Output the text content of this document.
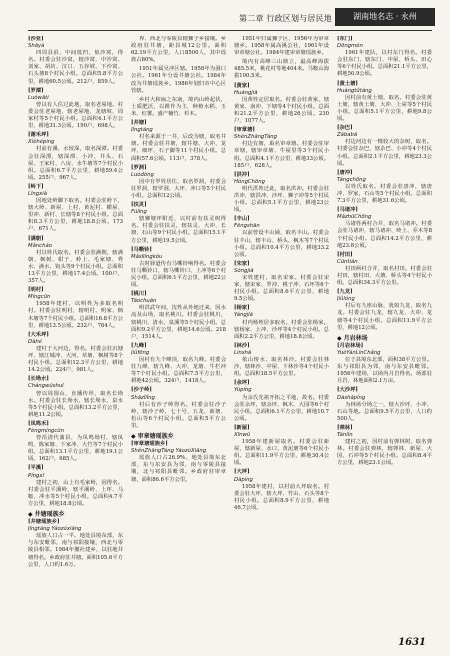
第二章 行政区划与居民地	湖南地名志 · 永州
[沙亚]
Shāyà
四周县沿，中间低凹，似沙窝，得名。村委会驻沙窝，辖沙窝、中沙窝、刘家、胡坊、汉口、五谷坡、下沙窝、石头塘8个村民小组。总面积5.8平方公里，耕地60.5公顷。212户，859人。
[罗潭]
Luówāti
曾以有人住过此地，取名老屋地。村委会驻老屋地，辖老屋地、龙塘坡、周家村等5个村民小组。总面积4.1平方公里，耕地31.3公顷。190户，698人。
[谢禾坪]
Xièhéping
村前有溪，水较深，取名深潭。村委会驻深潭，辖深潭、小冲、井头、石屋、王家村、八房、水牛塘等7个村民小组。总面积6.7平方公里，耕地59.4公顷。255户，967人。
[岭下]
Lǐngxià
因地处岭脚下取名。村委会驻岭下，辖大岭、新屋、上村、黄泥村、横屋、里冲、新村、长塘等8个村民小组。总面积8.3平方公里，耕地18.8公顷。173户，671人。
[满朝]
Mǎncháo
村以姓氏取名。村委会驻满朝，辖满朝、枫树、柑子、岭上、毛家塘、秀水、满水、钩头等9个村民小组。总面积13平方公里，耕地17.4公顷。100户，357人。
[明村]
Míngcūn
1958年建村，以明姓为多取名明村。村委会驻明村，辖明村、明家、枫木塘等7个村民小组。总面积16.8平方公里，耕地13.5公顷。232户，764人。
[大禾坪]
Dàhé
建村于大河边，得名。村委会驻沉塘坪，辖江城冲、大河、草塘、枫树等8个村民小组。总面积12.3平方公里，耕地14.2公顷。224户，981人。
[长坳水]
Chángwūshuǐ
曾以周围山，直播传坦，取名长坳水。村委会驻长坳水，辖长坳水、泉水等5个村民小组。总面积13.2平方公里，耕地11.2公顷。
[凤鸣禾]
Fèngmíngcūn
曾沿清代蒲县，为凤鸣坳村，辖凤鸣、陈家塘、下家冲、大竹等7个村民小组。总面积13.1平方公里，耕地19.1公顷。162户，685人。
[平溪]
Píngxī
建村之初，山上有毛家岭，因得名。村委会驻平溪岭，辖平溪岭、上坪、马鞍、冲水等5个村民小组。总面积4.7平方公里，耕地18.8公顷。
◆ 井塘瑶族乡
[井塘瑶族乡]
Jǐngtáng Yáozúxiāng
瑶族人口占一半。地处县境东部，东与东安毗邻，南与祁阳接壤，西北与零陵县相邻。1984年撤社建乡，以驻地井塘得名。乡政府驻井塘。面积105.6平方公里，人口约1.6万。
界、西北与零陵县辖狮子乡接壤。乡政府驻井塘，距县城12公里。面积62.19平方公里，人口8500人，其中瑶族占80%。
1951年属吴冲区辖。1958年为洞口公社。1961年分设井塘公社。1984年改为井塘瑶族乡。1986年划归市中心区管辖。
乡村大和扁之东南，境内山岭起伏，土质肥沃，以耕作为主，种植水稻、玉米、红薯。盛产楠竹、杉木。
[井塘]
Jǐngtáng
村名来源于一井，后改为塘，取名井塘。村委会驻井塘，辖井塘、大冲、龙坪、细坪、石子脚等11个村民小组。总面积57.6公顷。113户，378人。
[罗洞]
Luódòng
因中有罗姓居住，取名罗洞。村委会驻罗洞，辖罗洞、大坪、冲口等5个村民小组。总面积12公顷。
[扶灵]
Fúlíng
辖狮塘坪附近，以村前有扶灵树得名。村委会驻扶灵，辖扶灵、大冲、长塘、石山等9个村民小组。总面积15.1平方公里，耕地19.5公顷。
[马嘶铃]
Mǎsīlíngkǒu
古时驿道传有马嘶铃响得名。村委会驻马嘶铃口，辖马嘶铃口、上冲等6个村民小组。总面积6.1平方公里，耕地22公顷。
[桃川]
Táochuān
明洪武年间，沈姓从外地迁来，因水流及山坳，取名桃川。村委会驻桃川，辖桃川、清水、泉溪等5个村民小组。总面积9.2平方公里，耕地14.6公顷。218户，1514人。
[九峰]
Jiǔfēng
因村有九个峰顶，取名九峰。村委会驻九峰，辖九峰、大冲、龙塘、牛栏冲等7个村民小组。总面积7.5平方公里，耕地42公顷。324户，1418人。
[沙子岭]
Shāzǐlǐng
村后有沙子岭得名。村委会驻沙子岭，辖沙子岭、七十号、五龙、新塘、松山等6个村民小组。总面积5平方公里。
◆ 审章塘瑶族乡
[审章塘瑶族乡]
ShěnZhāngTáng YáozúXiāng
瑶族人口占26.9%。地处县境东北部，东与东安县为邻，南与零陵县接壤，北与祁阳县毗邻。乡政府驻审章塘，面积86.6平方公里。
1951年归属狮子区，1956年为审章塘乡。1958年属高溪公社，1961年设审章塘公社。1984年建审章塘瑶族乡。
境内有高峰三山鼎立，最高峰海拔485.5米，桃花村等地404米。马鞍山海拔100.5米。
[黄家]
Huángjiā
因黄姓定居取名。村委会驻黄家，辖黄家、南冲、下塘等4个村民小组。总面积21.2平方公里，耕地26公顷。230户，1077人。
[审章塘]
ShěnZhāngTáng
村边有塘，取名审章塘。村委会驻审章塘，辖审章塘、牛屋里等3个村民小组。总面积4.1平方公里，耕地33公顷。185户，628人。
[洪冲]
HóngChōng
明代洪姓迁此，取名洪冲。村委会驻洪冲，辖洪冲、沙坪、狮子冲等5个村民小组。总面积5.1平方公里，耕地23公顷。
[丰山]
Fēngshān
以前曾设丰山铺，取名丰山。村委会驻丰山，辖丰山、桥头、枫木等7个村民小组。总面积10.4平方公里，耕地33.2公顷。
[宋家]
Sòngjiā
宋姓建村，取名宋家。村委会驻宋家，辖宋家、罗冲、桃子冲、石坪等6个村民小组。总面积8.6平方公里，耕地9.5公顷。
[杨家]
Yángjiā
村内杨姓居多取名。村委会驻杨家，辖杨家、上冲、沙坪等4个村民小组。总面积2.2平方公里，耕地18.8公顷。
[林沙]
Línshā
依山傍水，取名林沙。村委会驻林沙，辖林沙、中屋、下林沙等4个村民小组。总面积18.5平方公里。
[余坪]
Yúpíng
为余氏先祖开拓之平地，故名。村委会驻余坪，辖余坪、枫木、大园等6个村民小组。总面积6.1平方公里，耕地10.7公顷。
[新屋]
Xīnwū
1958年建新屋取名。村委会驻新屋，辖新屋、水口、黄泥塘等6个村民小组。总面积11.9平方公里，耕地30.4公顷。
[大坪]
Dàpíng
1958年建村，以村前大坪取名。村委会驻大坪，辖大坪、竹山、石头等8个村民小组。总面积8.9平方公里，耕地46.7公顷。
[东门]
Dōngmén
1961年建队，以村东门得名。村委会驻东门，辖东门、中屋、桥头、田心等6个村民小组。总面积21.1平方公里，耕地50.9公顷。
[黄土塘]
Huángtǔtáng
因村前有黄土塘，取名。村委会驻黄土塘，辖黄土塘、大冲、上屋等5个村民小组。总面积5.1平方公里，耕地9.8公顷。
[杂巴]
Zábabā
村边河边有一棵较大的杂树，取名。村委会驻杂巴，辖杂巴、小冲等4个村民小组。总面积2.1平方公里，耕地23.3公顷。
[唐冲]
Tángchōng
以姓氏取名。村委会驻唐冲，辖唐冲、罗家、石山等5个村民小组。总面积7.3平方公里，耕地31.6公顷。
[马诸冲]
MǎzhūChōng
马诸姓两村合并，取名马诸冲。村委会驻马诸冲，辖马诸冲、岭上、乔木等8个村民小组。总面积14.2平方公里，耕地23.8公顷。
[村田]
Cūntián
村田两村合并，取名村田。村委会驻村田，辖村田、大塘、桥头等4个村民小组。总面积34.3平方公里。
[九龙]
Jiǔlóng
村后有九座山脉，犹如九龙，取名九龙。村委会驻九龙，辖九龙、大冲、龙塘等4个村民小组。总面积11.9平方公里，耕地12公顷。
◆ 月岩林场
[月岩林场]
YuèYánLínChǎng
位于县境东北部，面积38平方公里。东与祁阳县为邻，南与东安县毗邻。1956年建场，以场内月岩得名。场部驻月岩，林地面积2.1万亩。
[大沙坪]
Dàshāpíng
为林场分场之一，辖大沙坪、小冲、石山等地。总面积9.5平方公里，人口约500人。
[弹林]
Tánlín
建村之初，因村前有弹林树，取名弹林。村委会驻弹林，辖弹林、新屋、大园、石冲等5个村民小组。总面积8.4平方公里，耕地23.1公顷。
1631
